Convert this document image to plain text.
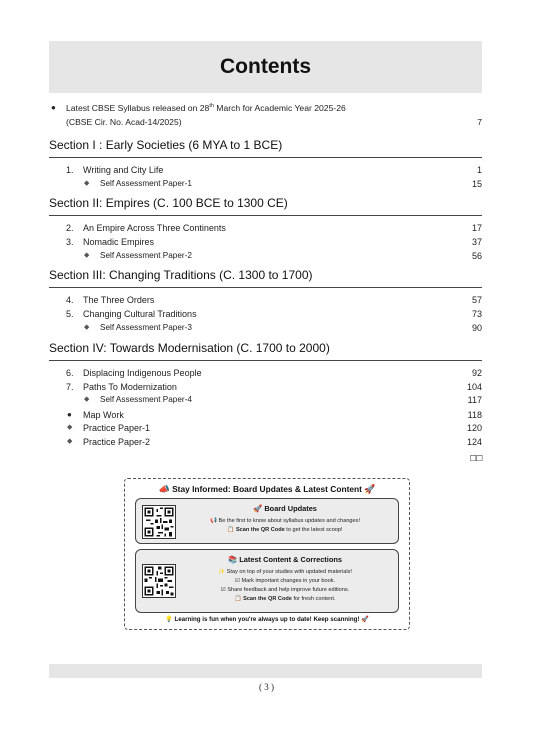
Contents
● Latest CBSE Syllabus released on 28th March for Academic Year 2025-26
(CBSE Cir. No. Acad-14/2025)	7
Section I : Early Societies (6 MYA to 1 BCE)
1. Writing and City Life	1
◆ Self Assessment Paper-1	15
Section II: Empires (C. 100 BCE to 1300 CE)
2. An Empire Across Three Continents	17
3. Nomadic Empires	37
◆ Self Assessment Paper-2	56
Section III: Changing Traditions (C. 1300 to 1700)
4. The Three Orders	57
5. Changing Cultural Traditions	73
◆ Self Assessment Paper-3	90
Section IV: Towards Modernisation (C. 1700 to 2000)
6. Displacing Indigenous People	92
7. Paths To Modernization	104
◆ Self Assessment Paper-4	117
● Map Work	118
◆ Practice Paper-1	120
◆ Practice Paper-2	124
☐☐
📣 Stay Informed: Board Updates & Latest Content 🚀
🚀 Board Updates
📢 Be the first to know about syllabus updates and changes!
📋 Scan the QR Code to get the latest scoop!
📚 Latest Content & Corrections
✨ Stay on top of your studies with updated materials!
☑ Mark important changes in your book.
☑ Share feedback and help improve future editions.
📋 Scan the QR Code for fresh content.
💡 Learning is fun when you're always up to date! Keep scanning! 🚀
( 3 )
